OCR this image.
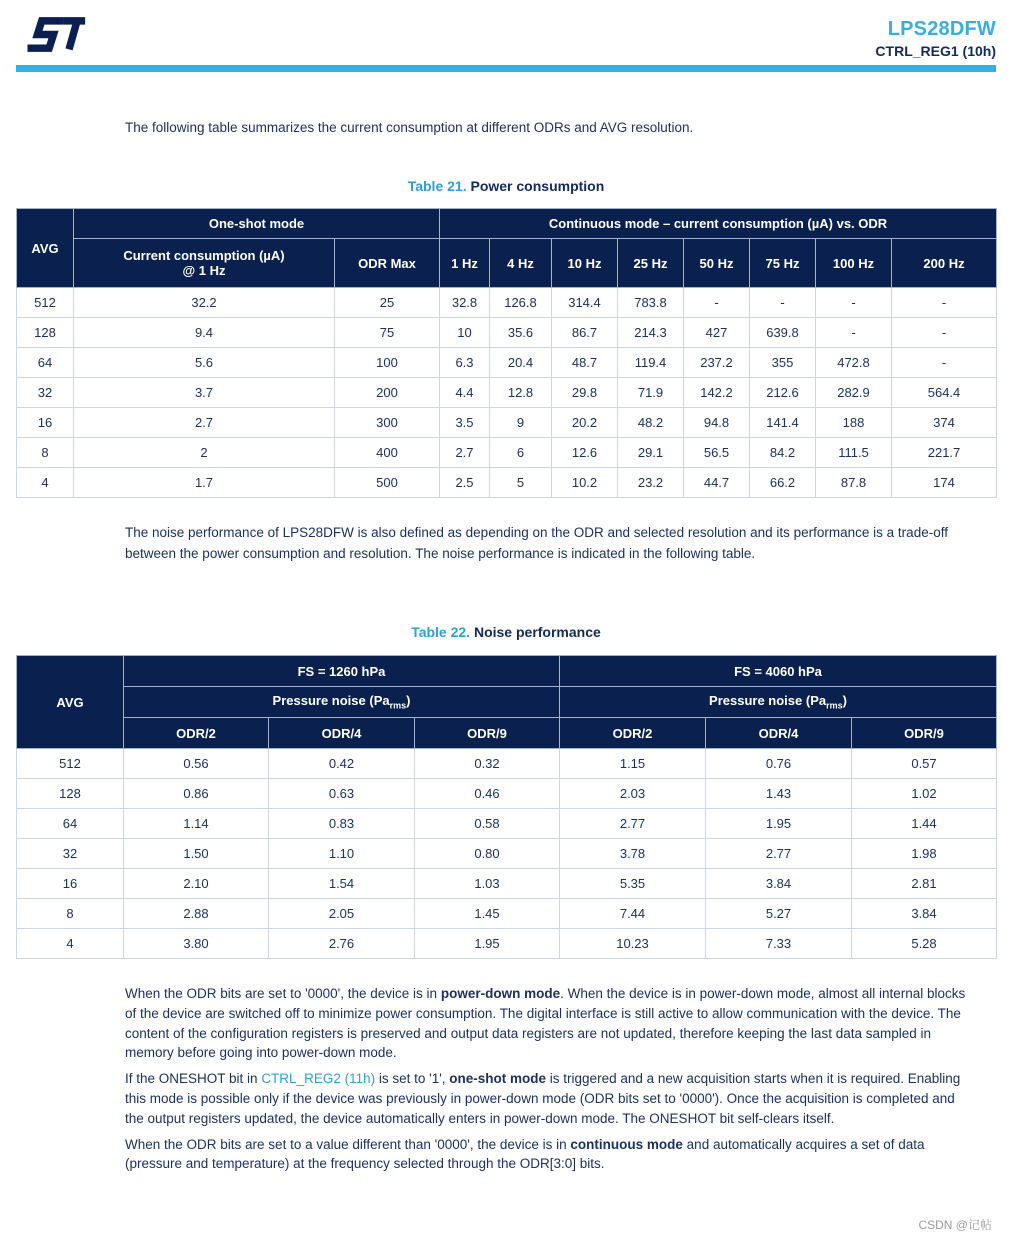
LPS28DFW
CTRL_REG1 (10h)

The following table summarizes the current consumption at different ODRs and AVG resolution.

Table 21. Power consumption
AVG	One-shot mode		Continuous mode – current consumption (µA) vs. ODR							
	Current consumption (µA)
@ 1 Hz	ODR Max	1 Hz	4 Hz	10 Hz	25 Hz	50 Hz	75 Hz	100 Hz	200 Hz
512	32.2	25	32.8	126.8	314.4	783.8	-	-	-	-
128	9.4	75	10	35.6	86.7	214.3	427	639.8	-	-
64	5.6	100	6.3	20.4	48.7	119.4	237.2	355	472.8	-
32	3.7	200	4.4	12.8	29.8	71.9	142.2	212.6	282.9	564.4
16	2.7	300	3.5	9	20.2	48.2	94.8	141.4	188	374
8	2	400	2.7	6	12.6	29.1	56.5	84.2	111.5	221.7
4	1.7	500	2.5	5	10.2	23.2	44.7	66.2	87.8	174

The noise performance of LPS28DFW is also defined as depending on the ODR and selected resolution and its performance is a trade-off between the power consumption and resolution. The noise performance is indicated in the following table.

Table 22. Noise performance
AVG	FS = 1260 hPa			FS = 4060 hPa		
	Pressure noise $(Pa_{rms})$			Pressure noise $(Pa_{rms})$		
	ODR/2	ODR/4	ODR/9	ODR/2	ODR/4	ODR/9
512	0.56	0.42	0.32	1.15	0.76	0.57
128	0.86	0.63	0.46	2.03	1.43	1.02
64	1.14	0.83	0.58	2.77	1.95	1.44
32	1.50	1.10	0.80	3.78	2.77	1.98
16	2.10	1.54	1.03	5.35	3.84	2.81
8	2.88	2.05	1.45	7.44	5.27	3.84
4	3.80	2.76	1.95	10.23	7.33	5.28

When the ODR bits are set to '0000', the device is in power-down mode. When the device is in power-down mode, almost all internal blocks of the device are switched off to minimize power consumption. The digital interface is still active to allow communication with the device. The content of the configuration registers is preserved and output data registers are not updated, therefore keeping the last data sampled in memory before going into power-down mode.

If the ONESHOT bit in CTRL_REG2 (11h) is set to '1', one-shot mode is triggered and a new acquisition starts when it is required. Enabling this mode is possible only if the device was previously in power-down mode (ODR bits set to '0000'). Once the acquisition is completed and the output registers updated, the device automatically enters in power-down mode. The ONESHOT bit self-clears itself.

When the ODR bits are set to a value different than '0000', the device is in continuous mode and automatically acquires a set of data (pressure and temperature) at the frequency selected through the ODR[3:0] bits.

CSDN @记帖
